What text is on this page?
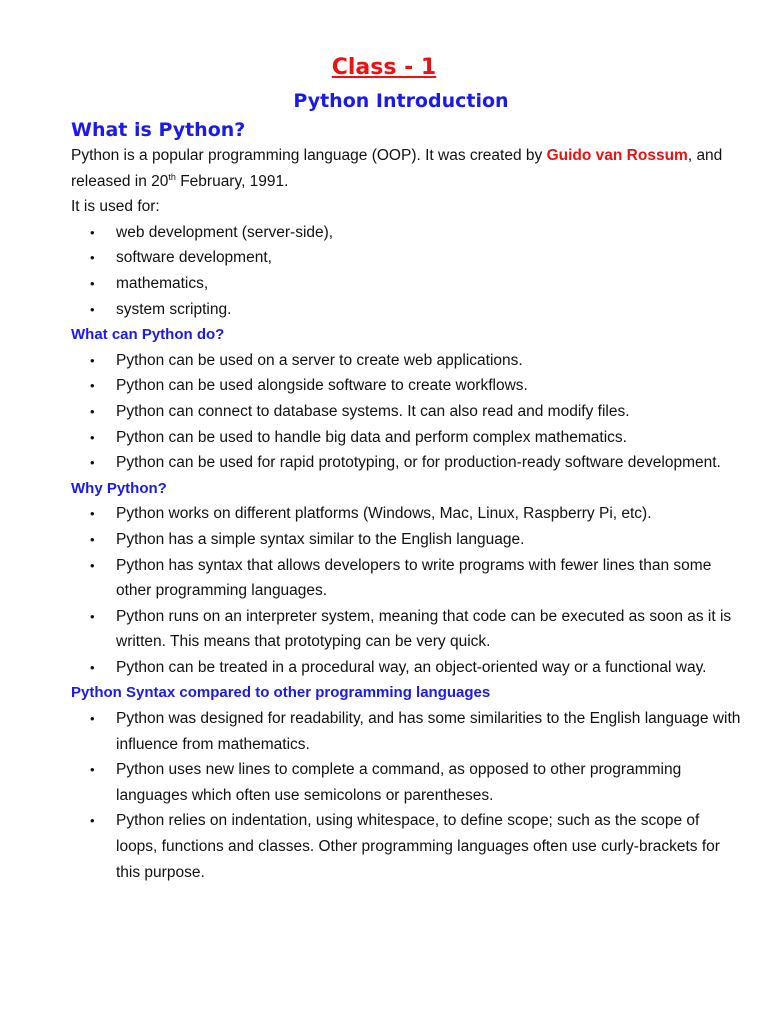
Class - 1
Python Introduction
What is Python?

Python is a popular programming language (OOP). It was created by Guido van Rossum, and
released in 20th February, 1991.

It is used for:

• web development (server-side),
• software development,
• mathematics,
• system scripting.

What can Python do?

• Python can be used on a server to create web applications.
• Python can be used alongside software to create workflows.
• Python can connect to database systems. It can also read and modify files.
• Python can be used to handle big data and perform complex mathematics.
• Python can be used for rapid prototyping, or for production-ready software development.

Why Python?

• Python works on different platforms (Windows, Mac, Linux, Raspberry Pi, etc).
• Python has a simple syntax similar to the English language.
• Python has syntax that allows developers to write programs with fewer lines than some other programming languages.
• Python runs on an interpreter system, meaning that code can be executed as soon as it is written. This means that prototyping can be very quick.
• Python can be treated in a procedural way, an object-oriented way or a functional way.

Python Syntax compared to other programming languages

• Python was designed for readability, and has some similarities to the English language with influence from mathematics.
• Python uses new lines to complete a command, as opposed to other programming languages which often use semicolons or parentheses.
• Python relies on indentation, using whitespace, to define scope; such as the scope of loops, functions and classes. Other programming languages often use curly-brackets for this purpose.
